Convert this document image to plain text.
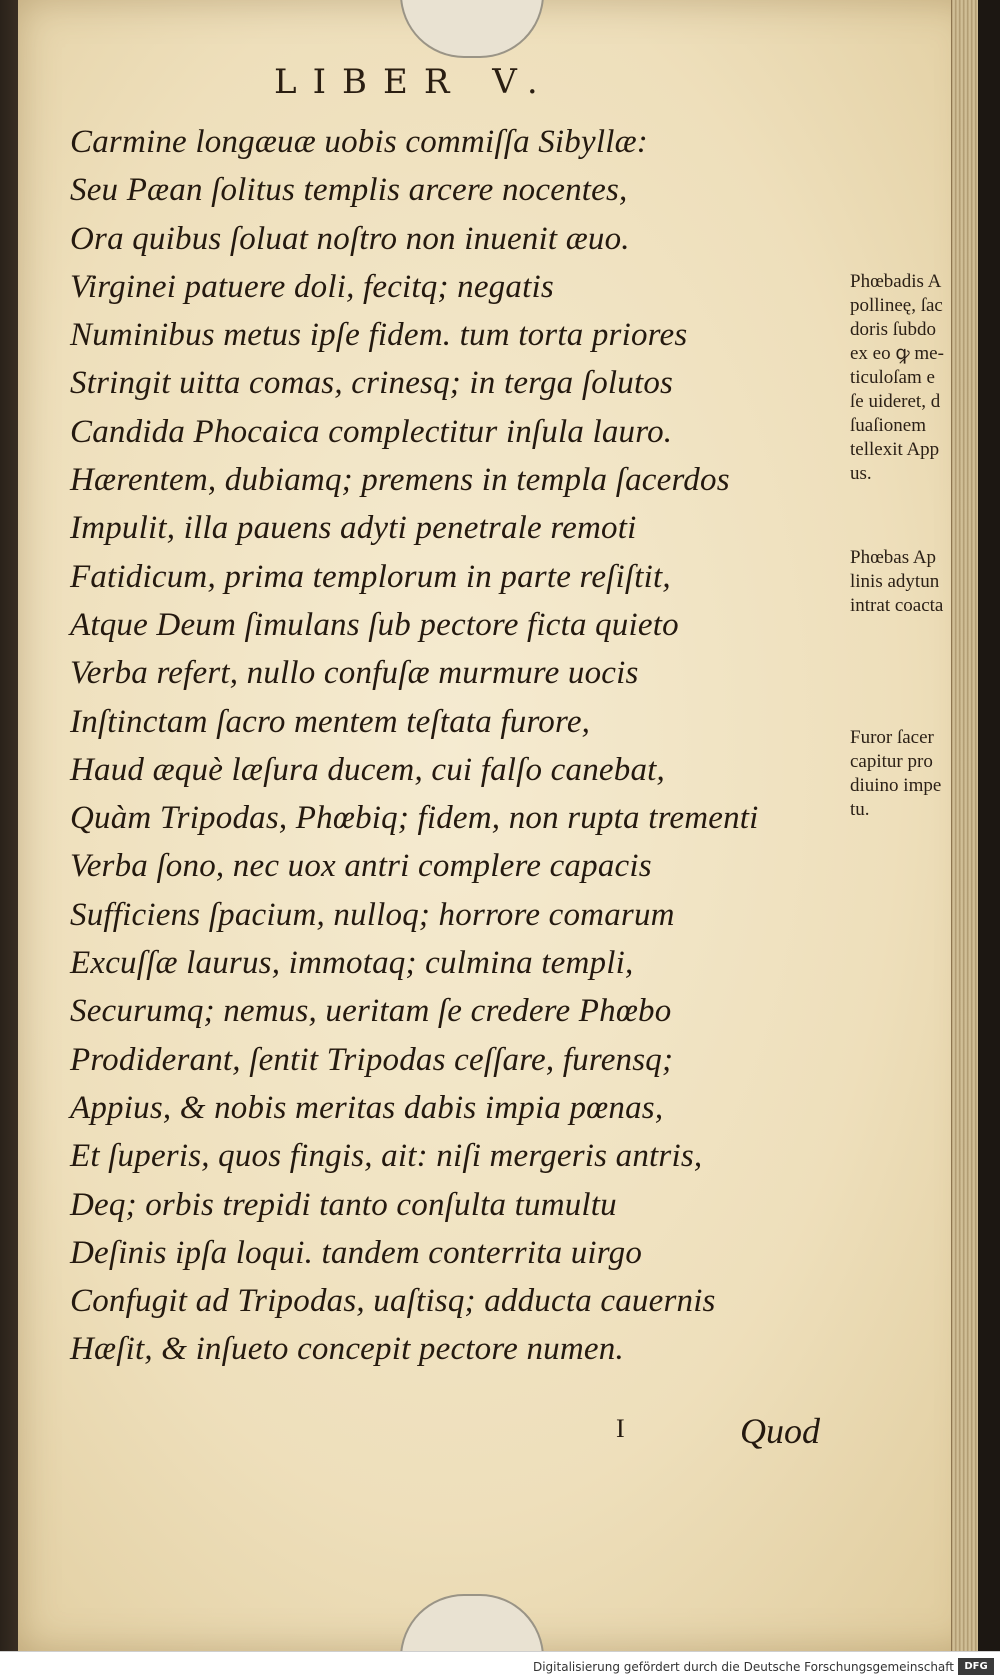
LIBER V.
Carmine longæuæ uobis commiſſa Sibyllæ:
Seu Pæan ſolitus templis arcere nocentes,
Ora quibus ſoluat noſtro non inuenit æuo.
Virginei patuere doli, fecitq; negatis
Numinibus metus ipſe fidem. tum torta priores
Stringit uitta comas, crinesq; in terga ſolutos
Candida Phocaica complectitur inſula lauro.
Hærentem, dubiamq; premens in templa ſacerdos
Impulit, illa pauens adyti penetrale remoti
Fatidicum, prima templorum in parte reſiſtit,
Atque Deum ſimulans ſub pectore ficta quieto
Verba refert, nullo confuſæ murmure uocis
Inſtinctam ſacro mentem teſtata furore,
Haud æquè læſura ducem, cui falſo canebat,
Quàm Tripodas, Phœbiq; fidem, non rupta trementi
Verba ſono, nec uox antri complere capacis
Sufficiens ſpacium, nulloq; horrore comarum
Excuſſæ laurus, immotaq; culmina templi,
Securumq; nemus, ueritam ſe credere Phœbo
Prodiderant, ſentit Tripodas ceſſare, furensq;
Appius, & nobis meritas dabis impia pœnas,
Et ſuperis, quos fingis, ait: niſi mergeris antris,
Deq; orbis trepidi tanto conſulta tumultu
Deſinis ipſa loqui. tandem conterrita uirgo
Confugit ad Tripodas, uaſtisq; adducta cauernis
Hæſit, & inſueto concepit pectore numen.
Phœbadis A
pollineę, ſac
doris ſubdo
ex eo ꝙ me-
ticuloſam e
ſe uideret, d
ſuaſionem
tellexit App
us.
Phœbas Ap
linis adytun
intrat coacta
Furor ſacer
capitur pro
diuino impe
tu.
I	Quod
Digitalisierung gefördert durch die Deutsche Forschungsgemeinschaft	DFG
